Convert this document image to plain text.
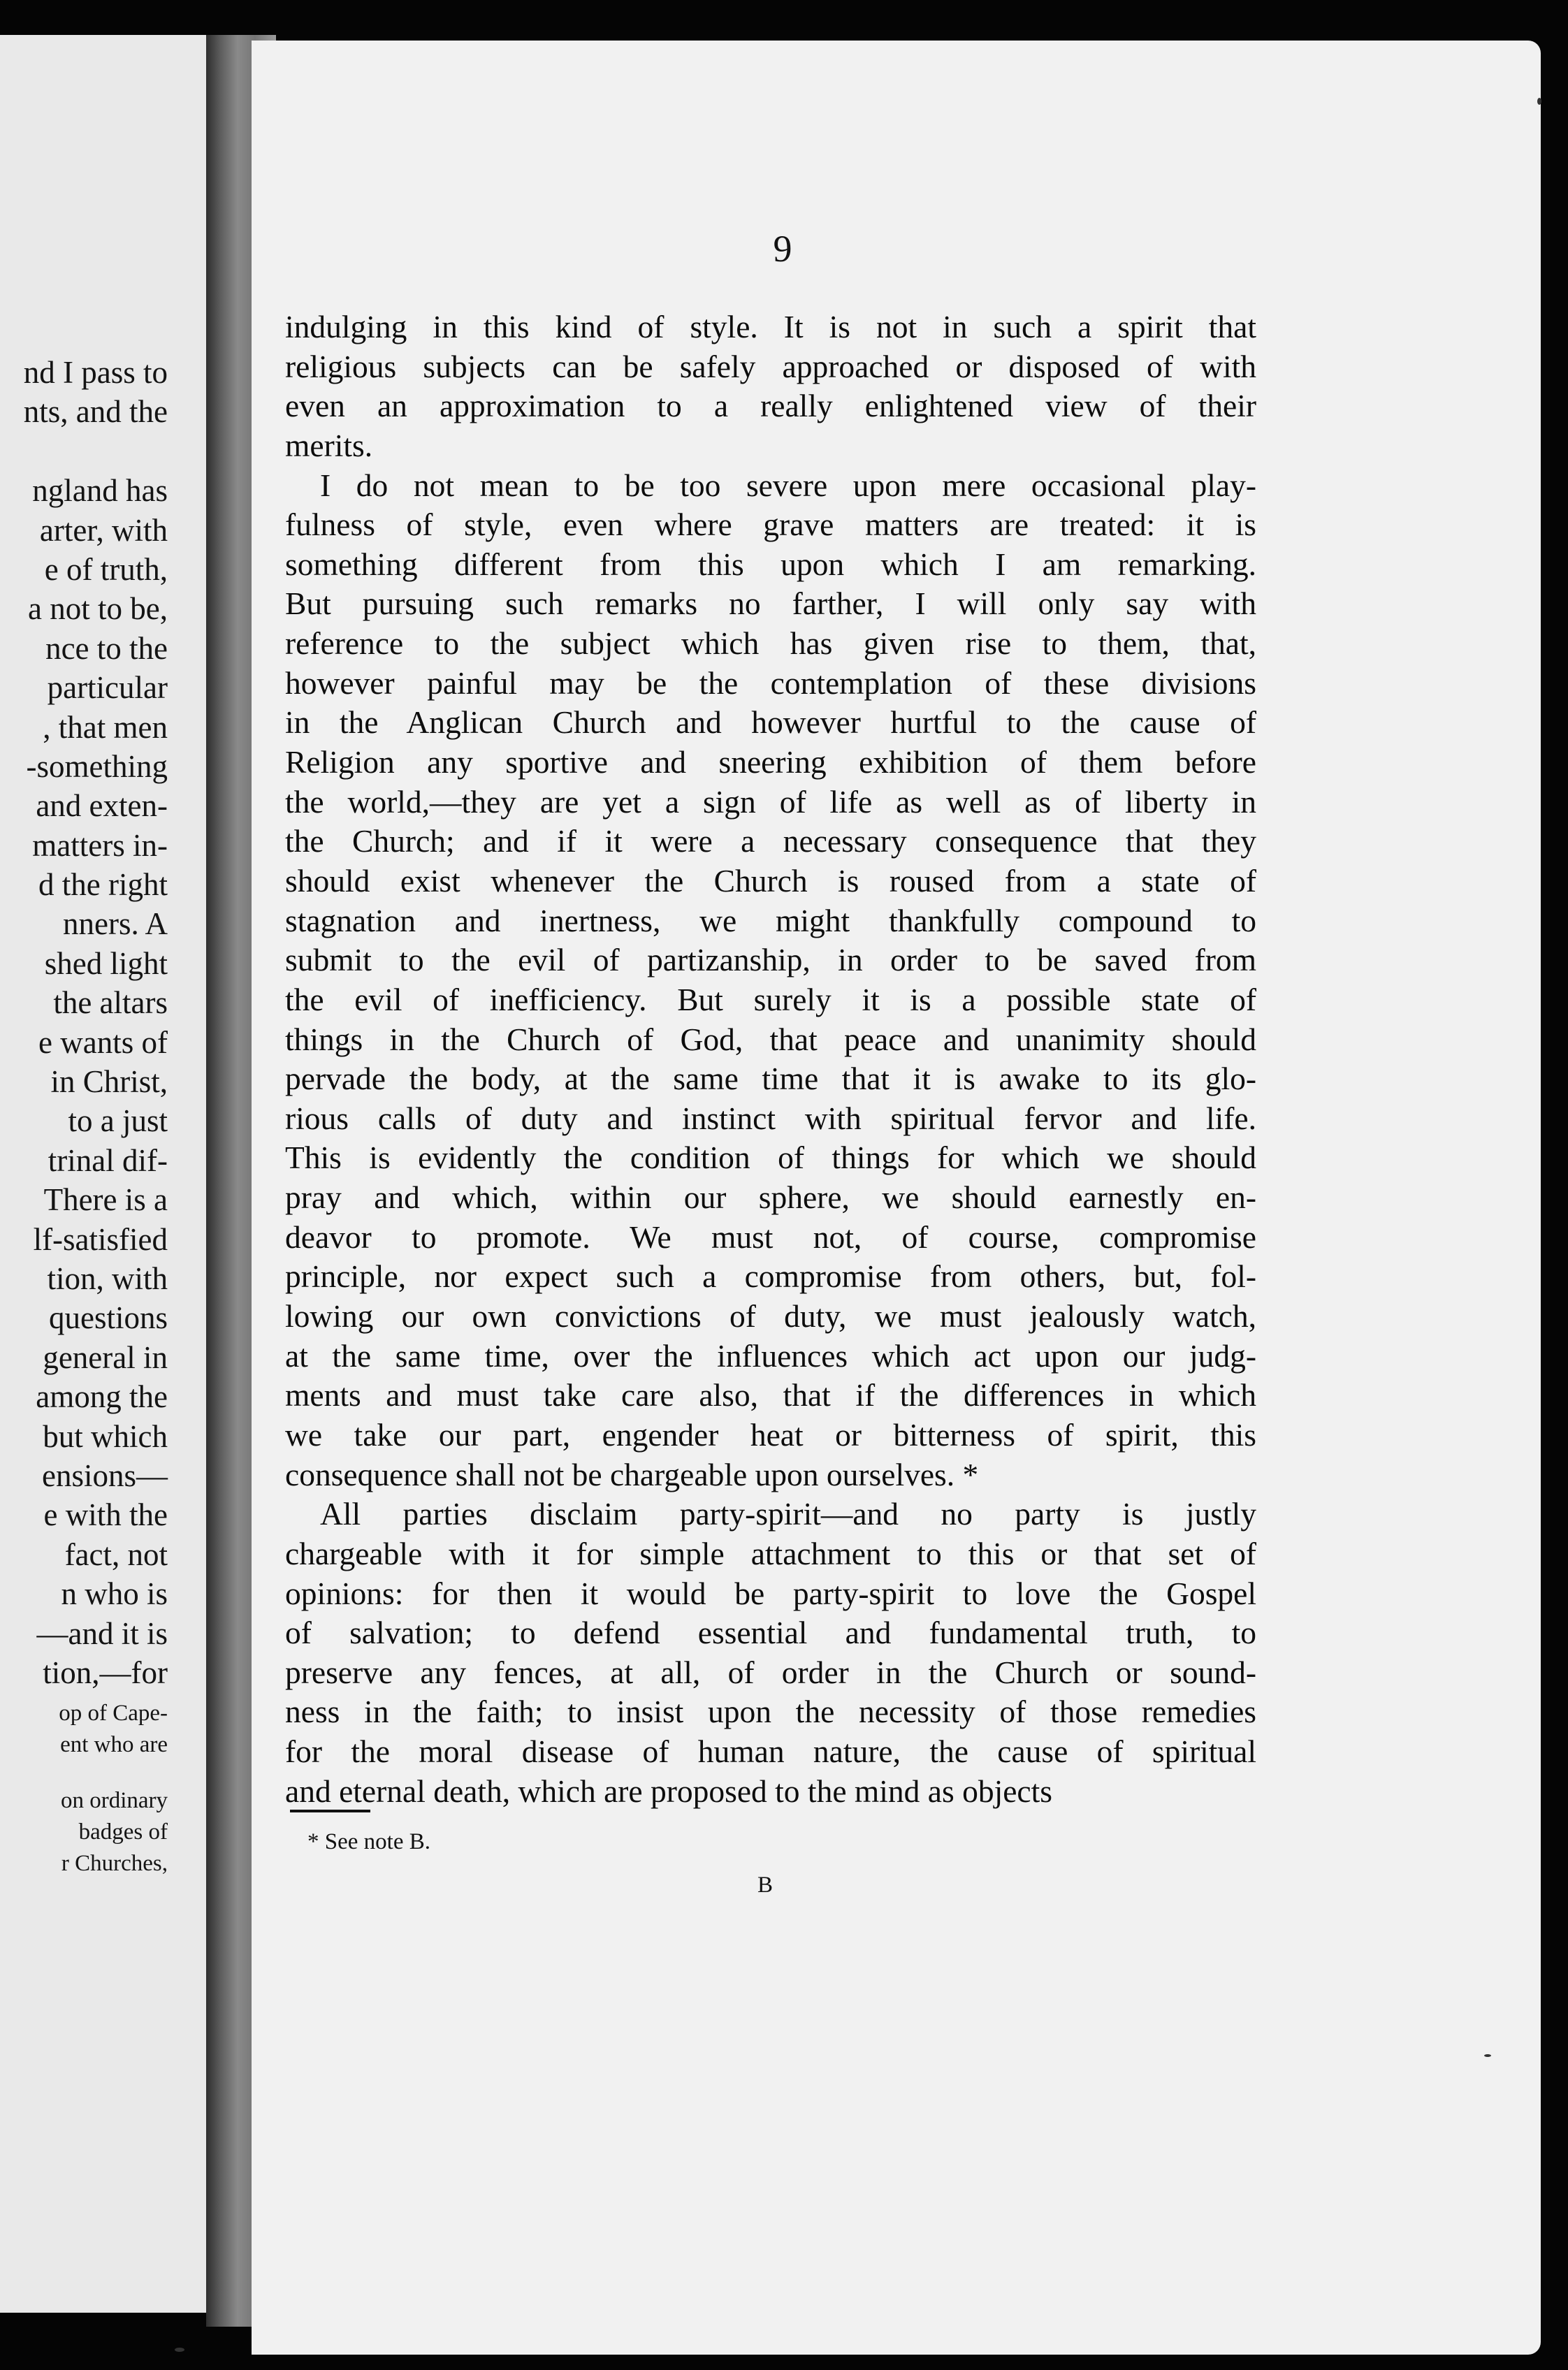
nd I pass to
nts, and the
ngland has
arter, with
e of truth,
a not to be,
nce to the
particular
, that men
-something
and exten-
matters in-
d the right
nners. A
shed light
the altars
e wants of
in Christ,
to a just
trinal dif-
There is a
lf-satisfied
tion, with
questions
general in
among the
but which
ensions—
e with the
fact, not
n who is
—and it is
tion,—for
op of Cape-
ent who are
on ordinary
badges of
r Churches,
9
indulging in this kind of style. It is not in such a spirit that
religious subjects can be safely approached or disposed of with
even an approximation to a really enlightened view of their
merits.
I do not mean to be too severe upon mere occasional play-
fulness of style, even where grave matters are treated: it is
something different from this upon which I am remarking.
But pursuing such remarks no farther, I will only say with
reference to the subject which has given rise to them, that,
however painful may be the contemplation of these divisions
in the Anglican Church and however hurtful to the cause of
Religion any sportive and sneering exhibition of them before
the world,—they are yet a sign of life as well as of liberty in
the Church; and if it were a necessary consequence that they
should exist whenever the Church is roused from a state of
stagnation and inertness, we might thankfully compound to
submit to the evil of partizanship, in order to be saved from
the evil of inefficiency. But surely it is a possible state of
things in the Church of God, that peace and unanimity should
pervade the body, at the same time that it is awake to its glo-
rious calls of duty and instinct with spiritual fervor and life.
This is evidently the condition of things for which we should
pray and which, within our sphere, we should earnestly en-
deavor to promote. We must not, of course, compromise
principle, nor expect such a compromise from others, but, fol-
lowing our own convictions of duty, we must jealously watch,
at the same time, over the influences which act upon our judg-
ments and must take care also, that if the differences in which
we take our part, engender heat or bitterness of spirit, this
consequence shall not be chargeable upon ourselves. *
All parties disclaim party-spirit—and no party is justly
chargeable with it for simple attachment to this or that set of
opinions: for then it would be party-spirit to love the Gospel
of salvation; to defend essential and fundamental truth, to
preserve any fences, at all, of order in the Church or sound-
ness in the faith; to insist upon the necessity of those remedies
for the moral disease of human nature, the cause of spiritual
and eternal death, which are proposed to the mind as objects
* See note B.
B
